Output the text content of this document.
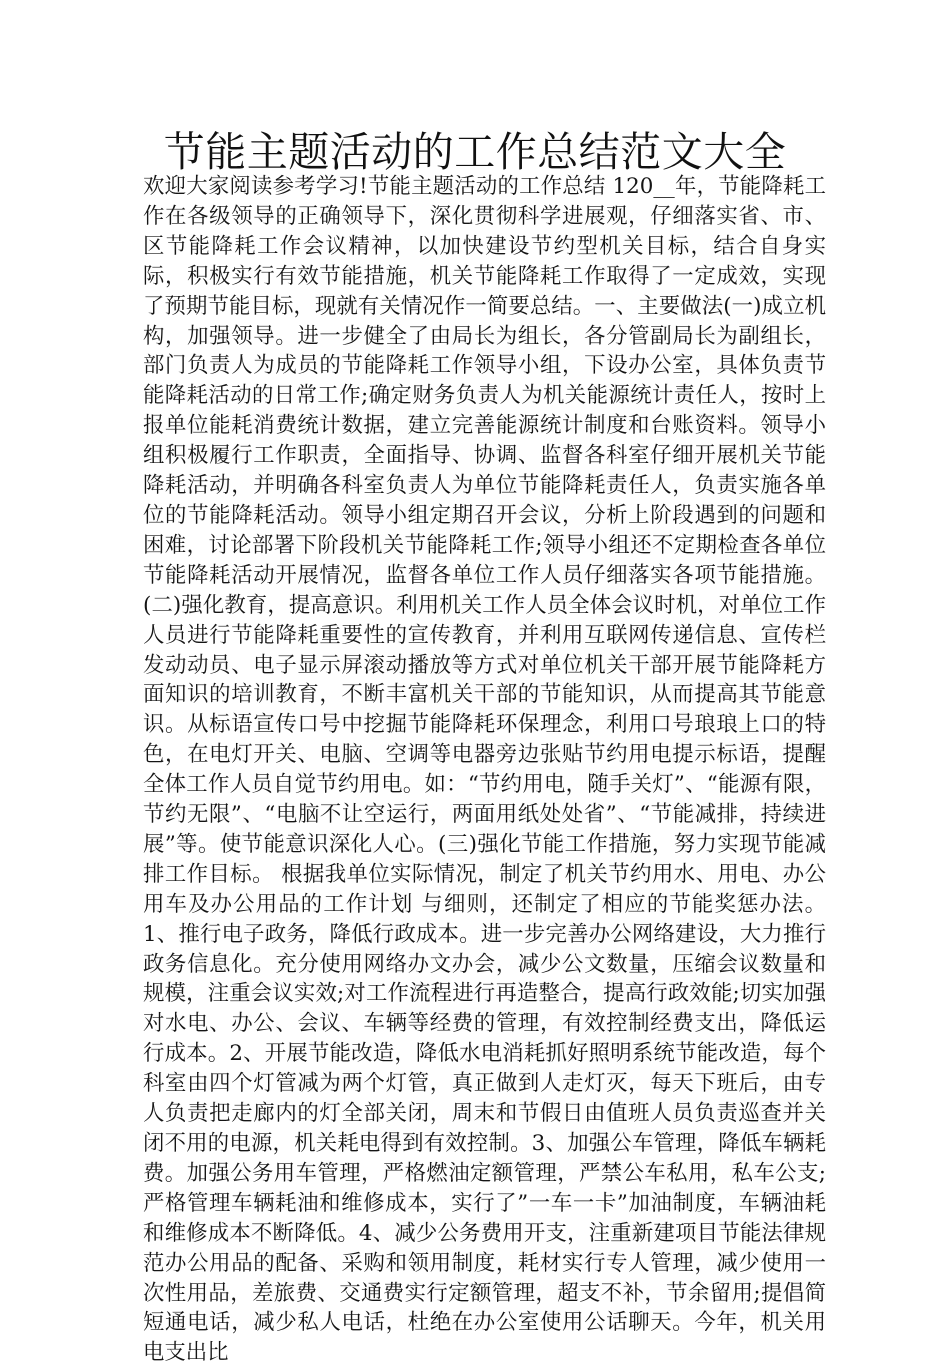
节能主题活动的工作总结范文大全

欢迎大家阅读参考学习!节能主题活动的工作总结 120__年，节能降耗工作在各级领导的正确领导下，深化贯彻科学进展观，仔细落实省、市、区节能降耗工作会议精神，以加快建设节约型机关目标，结合自身实际，积极实行有效节能措施，机关节能降耗工作取得了一定成效，实现了预期节能目标，现就有关情况作一简要总结。一、主要做法(一)成立机构，加强领导。进一步健全了由局长为组长，各分管副局长为副组长，部门负责人为成员的节能降耗工作领导小组，下设办公室，具体负责节能降耗活动的日常工作;确定财务负责人为机关能源统计责任人，按时上报单位能耗消费统计数据，建立完善能源统计制度和台账资料。领导小组积极履行工作职责，全面指导、协调、监督各科室仔细开展机关节能降耗活动，并明确各科室负责人为单位节能降耗责任人，负责实施各单位的节能降耗活动。领导小组定期召开会议，分析上阶段遇到的问题和困难，讨论部署下阶段机关节能降耗工作;领导小组还不定期检查各单位节能降耗活动开展情况，监督各单位工作人员仔细落实各项节能措施。(二)强化教育，提高意识。利用机关工作人员全体会议时机，对单位工作人员进行节能降耗重要性的宣传教育，并利用互联网传递信息、宣传栏发动动员、电子显示屏滚动播放等方式对单位机关干部开展节能降耗方面知识的培训教育，不断丰富机关干部的节能知识，从而提高其节能意识。从标语宣传口号中挖掘节能降耗环保理念，利用口号琅琅上口的特色，在电灯开关、电脑、空调等电器旁边张贴节约用电提示标语，提醒全体工作人员自觉节约用电。如：“节约用电，随手关灯”、“能源有限，节约无限”、“电脑不让空运行，两面用纸处处省”、“节能减排，持续进展”等。使节能意识深化人心。(三)强化节能工作措施，努力实现节能减排工作目标。 根据我单位实际情况，制定了机关节约用水、用电、办公用车及办公用品的工作计划 与细则，还制定了相应的节能奖惩办法。1、推行电子政务，降低行政成本。进一步完善办公网络建设，大力推行政务信息化。充分使用网络办文办会，减少公文数量，压缩会议数量和规模，注重会议实效;对工作流程进行再造整合，提高行政效能;切实加强对水电、办公、会议、车辆等经费的管理，有效控制经费支出，降低运行成本。2、开展节能改造，降低水电消耗抓好照明系统节能改造，每个科室由四个灯管减为两个灯管，真正做到人走灯灭，每天下班后，由专人负责把走廊内的灯全部关闭，周末和节假日由值班人员负责巡查并关闭不用的电源，机关耗电得到有效控制。3、加强公车管理，降低车辆耗费。加强公务用车管理，严格燃油定额管理，严禁公车私用，私车公支;严格管理车辆耗油和维修成本，实行了”一车一卡”加油制度，车辆油耗和维修成本不断降低。4、减少公务费用开支，注重新建项目节能法律规范办公用品的配备、采购和领用制度，耗材实行专人管理，减少使用一次性用品，差旅费、交通费实行定额管理，超支不补，节余留用;提倡简短通电话，减少私人电话，杜绝在办公室使用公话聊天。今年，机关用电支出比
